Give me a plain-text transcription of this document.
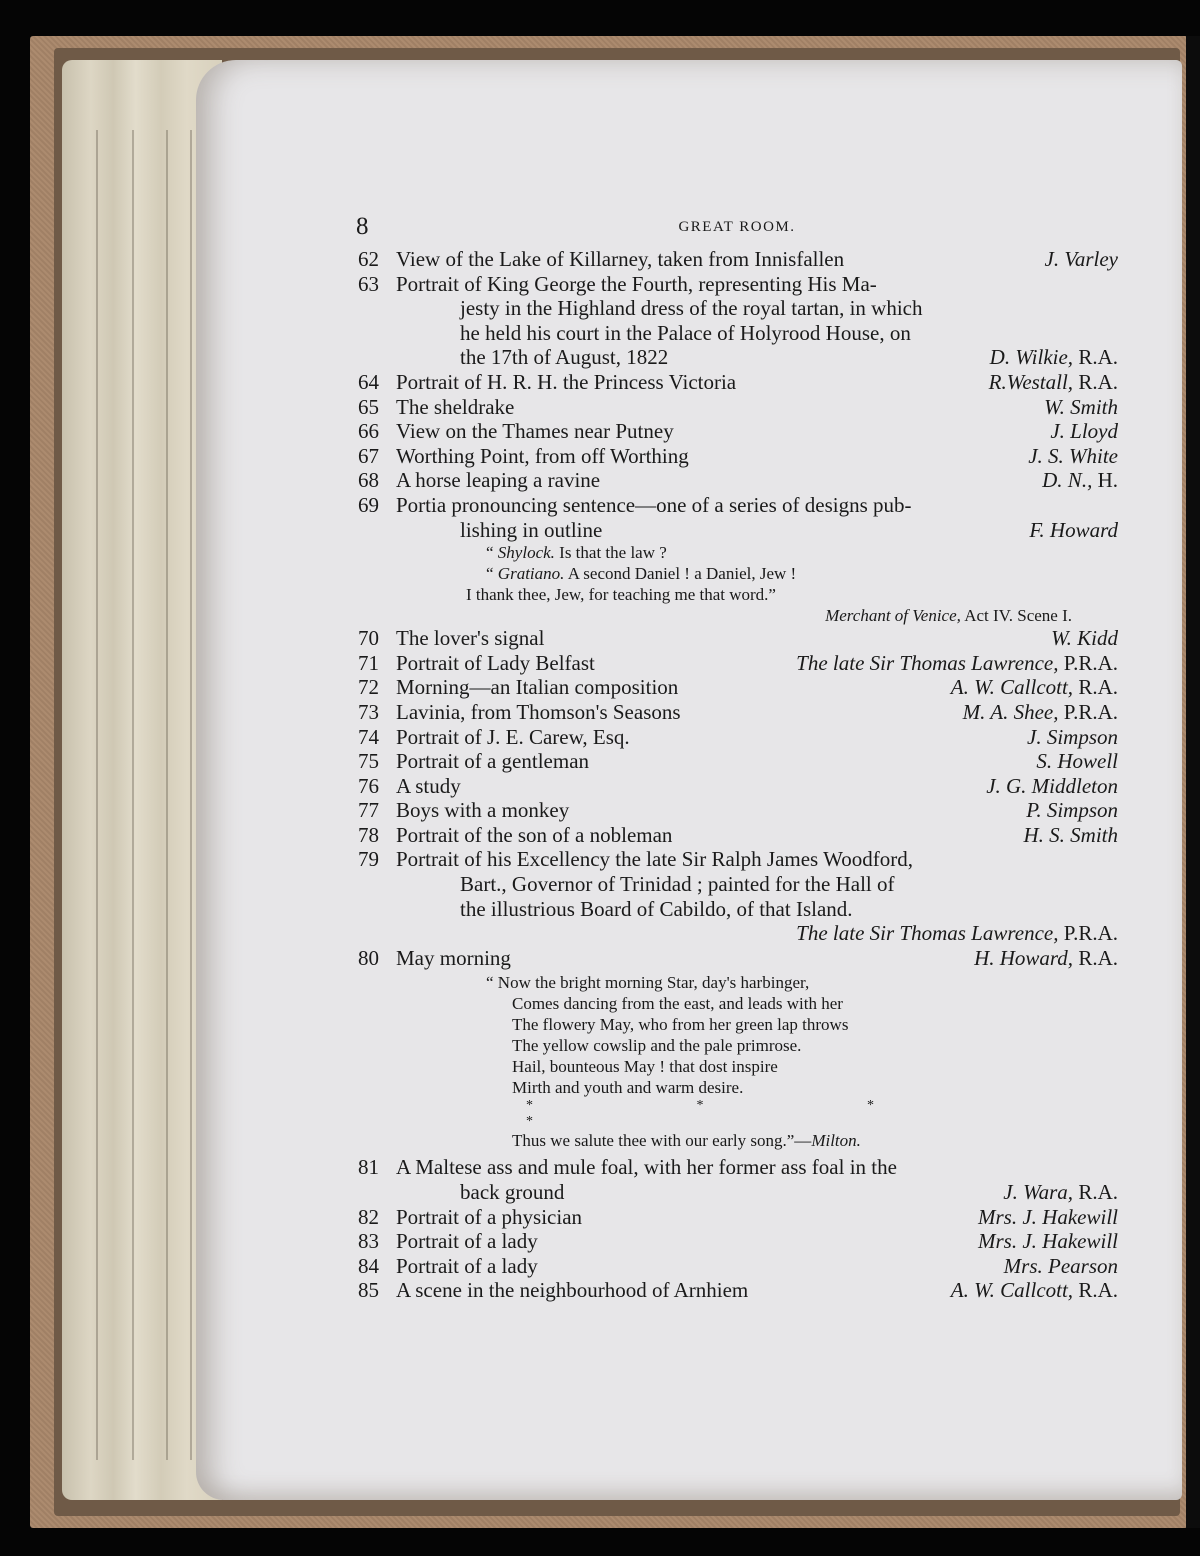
8	GREAT ROOM.
62 View of the Lake of Killarney, taken from Innisfallen	J. Varley
63 Portrait of King George the Fourth, representing His Ma-
jesty in the Highland dress of the royal tartan, in which
he held his court in the Palace of Holyrood House, on
the 17th of August, 1822	D. Wilkie, R.A.
64 Portrait of H. R. H. the Princess Victoria	R.Westall, R.A.
65 The sheldrake	W. Smith
66 View on the Thames near Putney	J. Lloyd
67 Worthing Point, from off Worthing	J. S. White
68 A horse leaping a ravine	D. N., H.
69 Portia pronouncing sentence—one of a series of designs pub-
lishing in outline	F. Howard
“ Shylock. Is that the law ?
“ Gratiano. A second Daniel ! a Daniel, Jew !
I thank thee, Jew, for teaching me that word.”
Merchant of Venice, Act IV. Scene I.
70 The lover's signal	W. Kidd
71 Portrait of Lady Belfast	The late Sir Thomas Lawrence, P.R.A.
72 Morning—an Italian composition	A. W. Callcott, R.A.
73 Lavinia, from Thomson's Seasons	M. A. Shee, P.R.A.
74 Portrait of J. E. Carew, Esq.	J. Simpson
75 Portrait of a gentleman	S. Howell
76 A study	J. G. Middleton
77 Boys with a monkey	P. Simpson
78 Portrait of the son of a nobleman	H. S. Smith
79 Portrait of his Excellency the late Sir Ralph James Woodford,
Bart., Governor of Trinidad ; painted for the Hall of
the illustrious Board of Cabildo, of that Island.
The late Sir Thomas Lawrence, P.R.A.
80 May morning	H. Howard, R.A.
“ Now the bright morning Star, day's harbinger,
Comes dancing from the east, and leads with her
The flowery May, who from her green lap throws
The yellow cowslip and the pale primrose.
Hail, bounteous May ! that dost inspire
Mirth and youth and warm desire.
* * * *
Thus we salute thee with our early song.”—Milton.
81 A Maltese ass and mule foal, with her former ass foal in the
back ground	J. Wara, R.A.
82 Portrait of a physician	Mrs. J. Hakewill
83 Portrait of a lady	Mrs. J. Hakewill
84 Portrait of a lady	Mrs. Pearson
85 A scene in the neighbourhood of Arnhiem	A. W. Callcott, R.A.
